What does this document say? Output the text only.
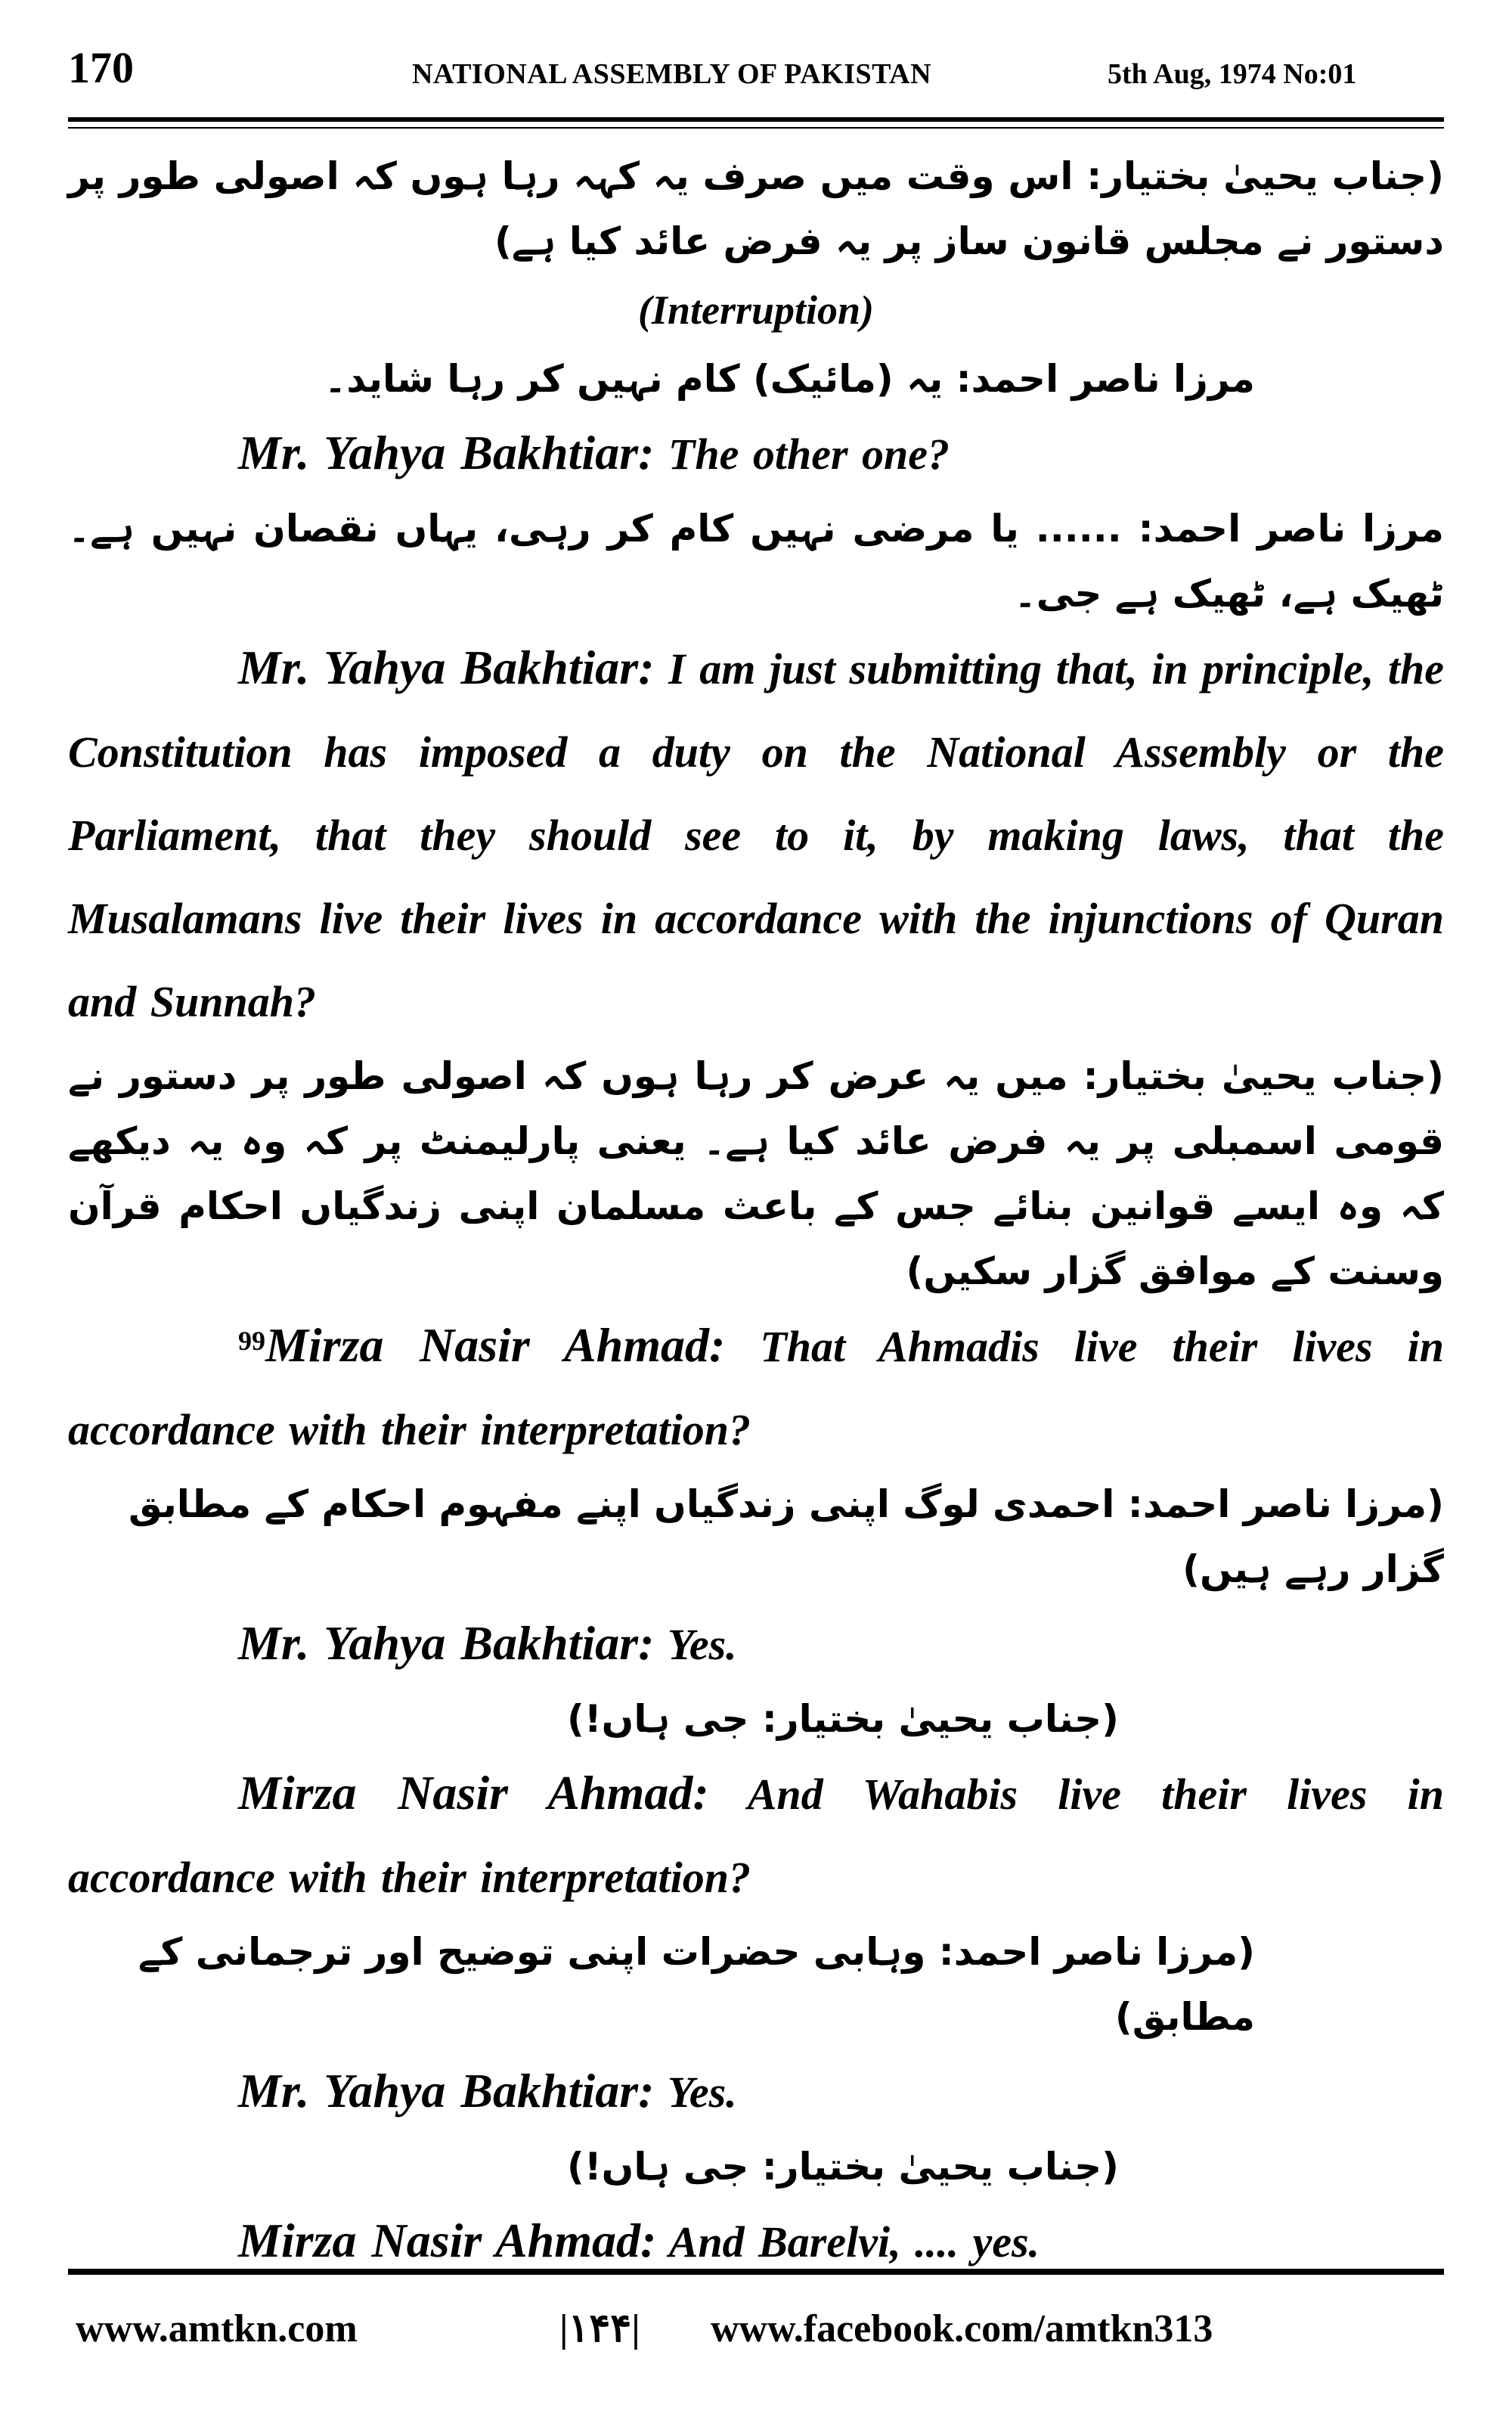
170	NATIONAL ASSEMBLY OF PAKISTAN	5th Aug, 1974 No:01

(جناب یحییٰ بختیار: اس وقت میں صرف یہ کہہ رہا ہوں کہ اصولی طور پر دستور نے مجلس قانون ساز پر یہ فرض عائد کیا ہے)

(Interruption)

مرزا ناصر احمد: یہ (مائیک) کام نہیں کر رہا شاید۔

Mr. Yahya Bakhtiar: The other one?

مرزا ناصر احمد: ...... یا مرضی نہیں کام کر رہی، یہاں نقصان نہیں ہے۔ ٹھیک ہے، ٹھیک ہے جی۔

Mr. Yahya Bakhtiar: I am just submitting that, in principle, the Constitution has imposed a duty on the National Assembly or the Parliament, that they should see to it, by making laws, that the Musalamans live their lives in accordance with the injunctions of Quran and Sunnah?

(جناب یحییٰ بختیار: میں یہ عرض کر رہا ہوں کہ اصولی طور پر دستور نے قومی اسمبلی پر یہ فرض عائد کیا ہے۔ یعنی پارلیمنٹ پر کہ وہ یہ دیکھے کہ وہ ایسے قوانین بنائے جس کے باعث مسلمان اپنی زندگیاں احکام قرآن وسنت کے موافق گزار سکیں)

$^{99}$Mirza Nasir Ahmad: That Ahmadis live their lives in accordance with their interpretation?

(مرزا ناصر احمد: احمدی لوگ اپنی زندگیاں اپنے مفہوم احکام کے مطابق گزار رہے ہیں)

Mr. Yahya Bakhtiar: Yes.

(جناب یحییٰ بختیار: جی ہاں!)

Mirza Nasir Ahmad: And Wahabis live their lives in accordance with their interpretation?

(مرزا ناصر احمد: وہابی حضرات اپنی توضیح اور ترجمانی کے مطابق)

Mr. Yahya Bakhtiar: Yes.

(جناب یحییٰ بختیار: جی ہاں!)

Mirza Nasir Ahmad: And Barelvi, .... yes.

www.amtkn.com	|۱۴۴| www.facebook.com/amtkn313
